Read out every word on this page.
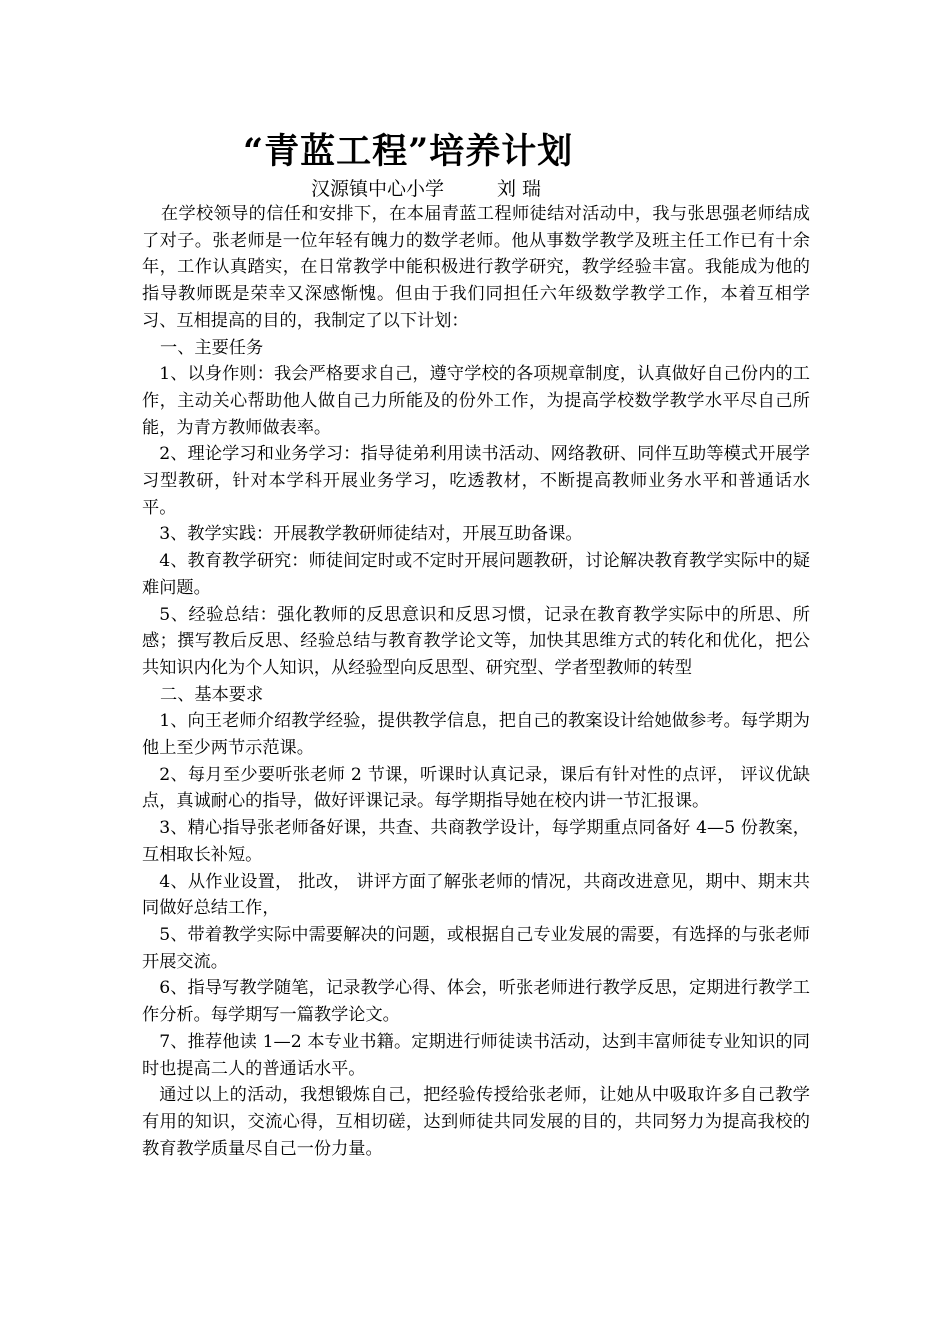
“青蓝工程”培养计划
汉源镇中心小学	刘瑞

在学校领导的信任和安排下，在本届青蓝工程师徒结对活动中，我与张思强老师结成了对子。张老师是一位年轻有魄力的数学老师。他从事数学教学及班主任工作已有十余年，工作认真踏实，在日常教学中能积极进行教学研究，教学经验丰富。我能成为他的指导教师既是荣幸又深感惭愧。但由于我们同担任六年级数学教学工作，本着互相学习、互相提高的目的，我制定了以下计划：

一、主要任务

1、以身作则：我会严格要求自己，遵守学校的各项规章制度，认真做好自己份内的工作，主动关心帮助他人做自己力所能及的份外工作，为提高学校数学教学水平尽自己所能，为青方教师做表率。

2、理论学习和业务学习：指导徒弟利用读书活动、网络教研、同伴互助等模式开展学习型教研，针对本学科开展业务学习，吃透教材，不断提高教师业务水平和普通话水平。

3、教学实践：开展教学教研师徒结对，开展互助备课。

4、教育教学研究：师徒间定时或不定时开展问题教研，讨论解决教育教学实际中的疑难问题。

5、经验总结：强化教师的反思意识和反思习惯，记录在教育教学实际中的所思、所感；撰写教后反思、经验总结与教育教学论文等，加快其思维方式的转化和优化，把公共知识内化为个人知识，从经验型向反思型、研究型、学者型教师的转型

二、基本要求

1、向王老师介绍教学经验，提供教学信息，把自己的教案设计给她做参考。每学期为他上至少两节示范课。

2、每月至少要听张老师 2 节课，听课时认真记录，课后有针对性的点评， 评议优缺点，真诚耐心的指导，做好评课记录。每学期指导她在校内讲一节汇报课。

3、精心指导张老师备好课，共查、共商教学设计，每学期重点同备好 4—5 份教案，互相取长补短。

4、从作业设置， 批改， 讲评方面了解张老师的情况，共商改进意见，期中、期末共同做好总结工作，

5、带着教学实际中需要解决的问题，或根据自己专业发展的需要，有选择的与张老师开展交流。

6、指导写教学随笔，记录教学心得、体会，听张老师进行教学反思，定期进行教学工作分析。每学期写一篇教学论文。

7、推荐他读 1—2 本专业书籍。定期进行师徒读书活动，达到丰富师徒专业知识的同时也提高二人的普通话水平。

通过以上的活动，我想锻炼自己，把经验传授给张老师，让她从中吸取许多自己教学有用的知识，交流心得，互相切磋，达到师徒共同发展的目的，共同努力为提高我校的教育教学质量尽自己一份力量。
